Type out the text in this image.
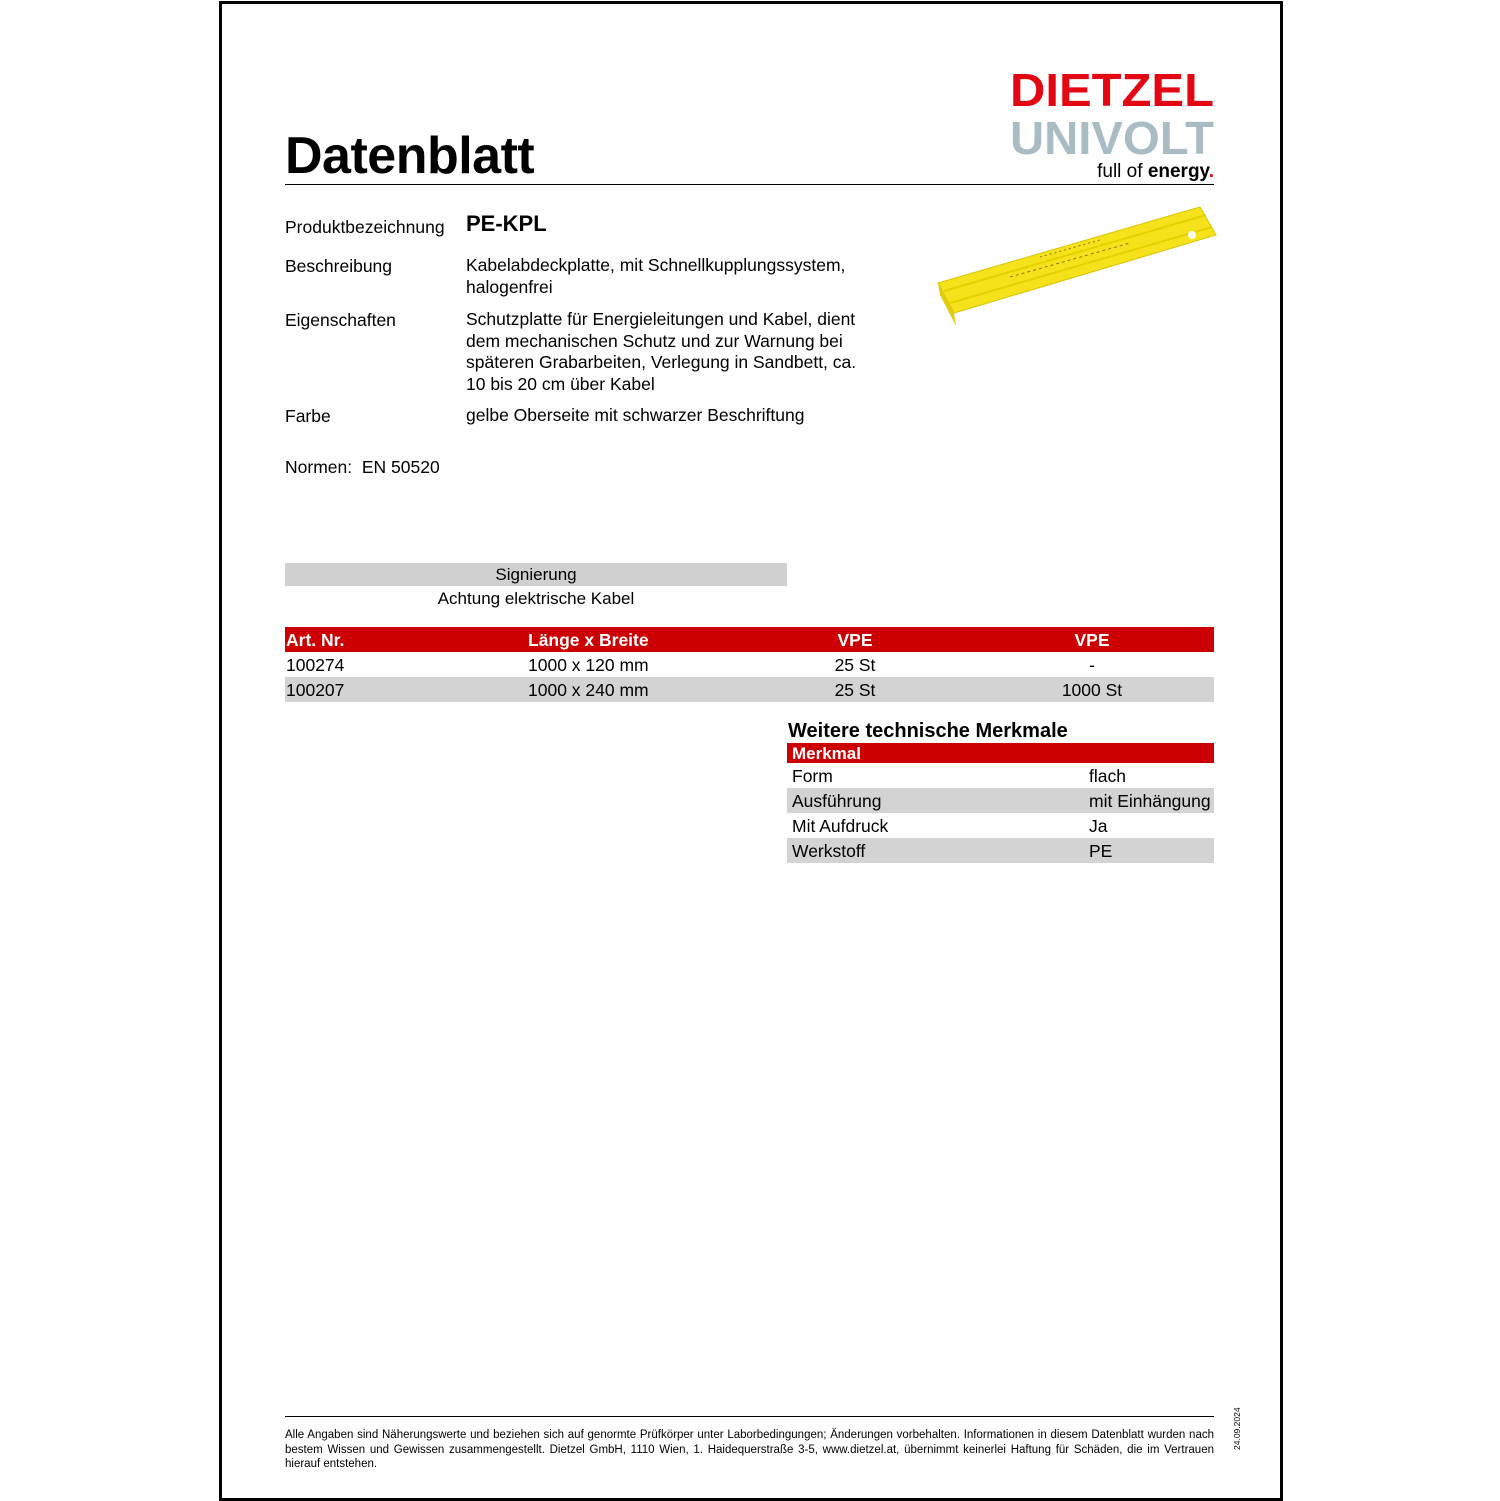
Datenblatt
DIETZEL
UNIVOLT
full of energy.
Produktbezeichnung PE-KPL
Beschreibung	Kabelabdeckplatte, mit Schnellkupplungssystem,
halogenfrei
Eigenschaften	Schutzplatte für Energieleitungen und Kabel, dient
dem mechanischen Schutz und zur Warnung bei
späteren Grabarbeiten, Verlegung in Sandbett, ca.
10 bis 20 cm über Kabel
Farbe	gelbe Oberseite mit schwarzer Beschriftung
Normen: EN 50520
Signierung
Achtung elektrische Kabel
Art. Nr.	Länge x Breite	VPE	VPE
100274	1000 x 120 mm	25 St	-
100207	1000 x 240 mm	25 St	1000 St
Weitere technische Merkmale
Merkmal
Form	flach
Ausführung	mit Einhängung
Mit Aufdruck	Ja
Werkstoff	PE
Alle Angaben sind Näherungswerte und beziehen sich auf genormte Prüfkörper unter Laborbedingungen; Änderungen vorbehalten. Informationen in diesem Datenblatt wurden nach bestem Wissen und Gewissen zusammengestellt. Dietzel GmbH, 1110 Wien, 1. Haidequerstraße 3-5, www.dietzel.at, übernimmt keinerlei Haftung für Schäden, die im Vertrauen hierauf entstehen.
24.09.2024
